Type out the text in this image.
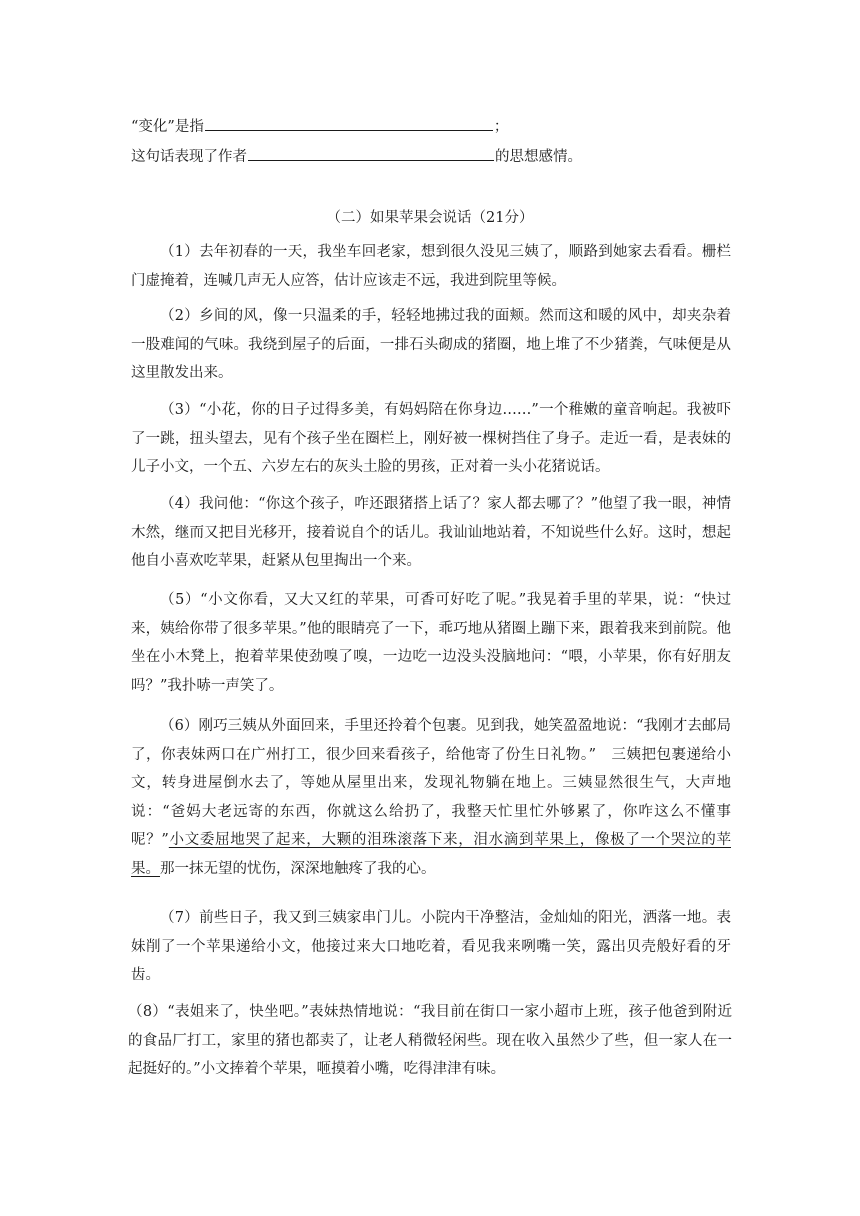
“变化”是指	；
这句话表现了作者	的思想感情。
（二）如果苹果会说话（21分）

（1）去年初春的一天，我坐车回老家，想到很久没见三姨了，顺路到她家去看看。栅栏门虚掩着，连喊几声无人应答，估计应该走不远，我进到院里等候。

（2）乡间的风，像一只温柔的手，轻轻地拂过我的面颊。然而这和暖的风中，却夹杂着一股难闻的气味。我绕到屋子的后面，一排石头砌成的猪圈，地上堆了不少猪粪，气味便是从这里散发出来。

（3）“小花，你的日子过得多美，有妈妈陪在你身边……”一个稚嫩的童音响起。我被吓了一跳，扭头望去，见有个孩子坐在圈栏上，刚好被一棵树挡住了身子。走近一看，是表妹的儿子小文，一个五、六岁左右的灰头土脸的男孩，正对着一头小花猪说话。

（4）我问他：“你这个孩子，咋还跟猪搭上话了？家人都去哪了？”他望了我一眼，神情木然，继而又把目光移开，接着说自个的话儿。我讪讪地站着，不知说些什么好。这时，想起他自小喜欢吃苹果，赶紧从包里掏出一个来。

（5）“小文你看，又大又红的苹果，可香可好吃了呢。”我晃着手里的苹果，说：“快过来，姨给你带了很多苹果。”他的眼睛亮了一下，乖巧地从猪圈上蹦下来，跟着我来到前院。他坐在小木凳上，抱着苹果使劲嗅了嗅，一边吃一边没头没脑地问：“喂，小苹果，你有好朋友吗？”我扑哧一声笑了。

（6）刚巧三姨从外面回来，手里还拎着个包裹。见到我，她笑盈盈地说：“我刚才去邮局了，你表妹两口在广州打工，很少回来看孩子，给他寄了份生日礼物。”　三姨把包裹递给小文，转身进屋倒水去了，等她从屋里出来，发现礼物躺在地上。三姨显然很生气，大声地说：“爸妈大老远寄的东西，你就这么给扔了，我整天忙里忙外够累了，你咋这么不懂事呢？”小文委屈地哭了起来，大颗的泪珠滚落下来，泪水滴到苹果上，像极了一个哭泣的苹果。那一抹无望的忧伤，深深地触疼了我的心。

（7）前些日子，我又到三姨家串门儿。小院内干净整洁，金灿灿的阳光，洒落一地。表妹削了一个苹果递给小文，他接过来大口地吃着，看见我来咧嘴一笑，露出贝壳般好看的牙齿。

（8）“表姐来了，快坐吧。”表妹热情地说：“我目前在街口一家小超市上班，孩子他爸到附近的食品厂打工，家里的猪也都卖了，让老人稍微轻闲些。现在收入虽然少了些，但一家人在一起挺好的。”小文捧着个苹果，咂摸着小嘴，吃得津津有味。
